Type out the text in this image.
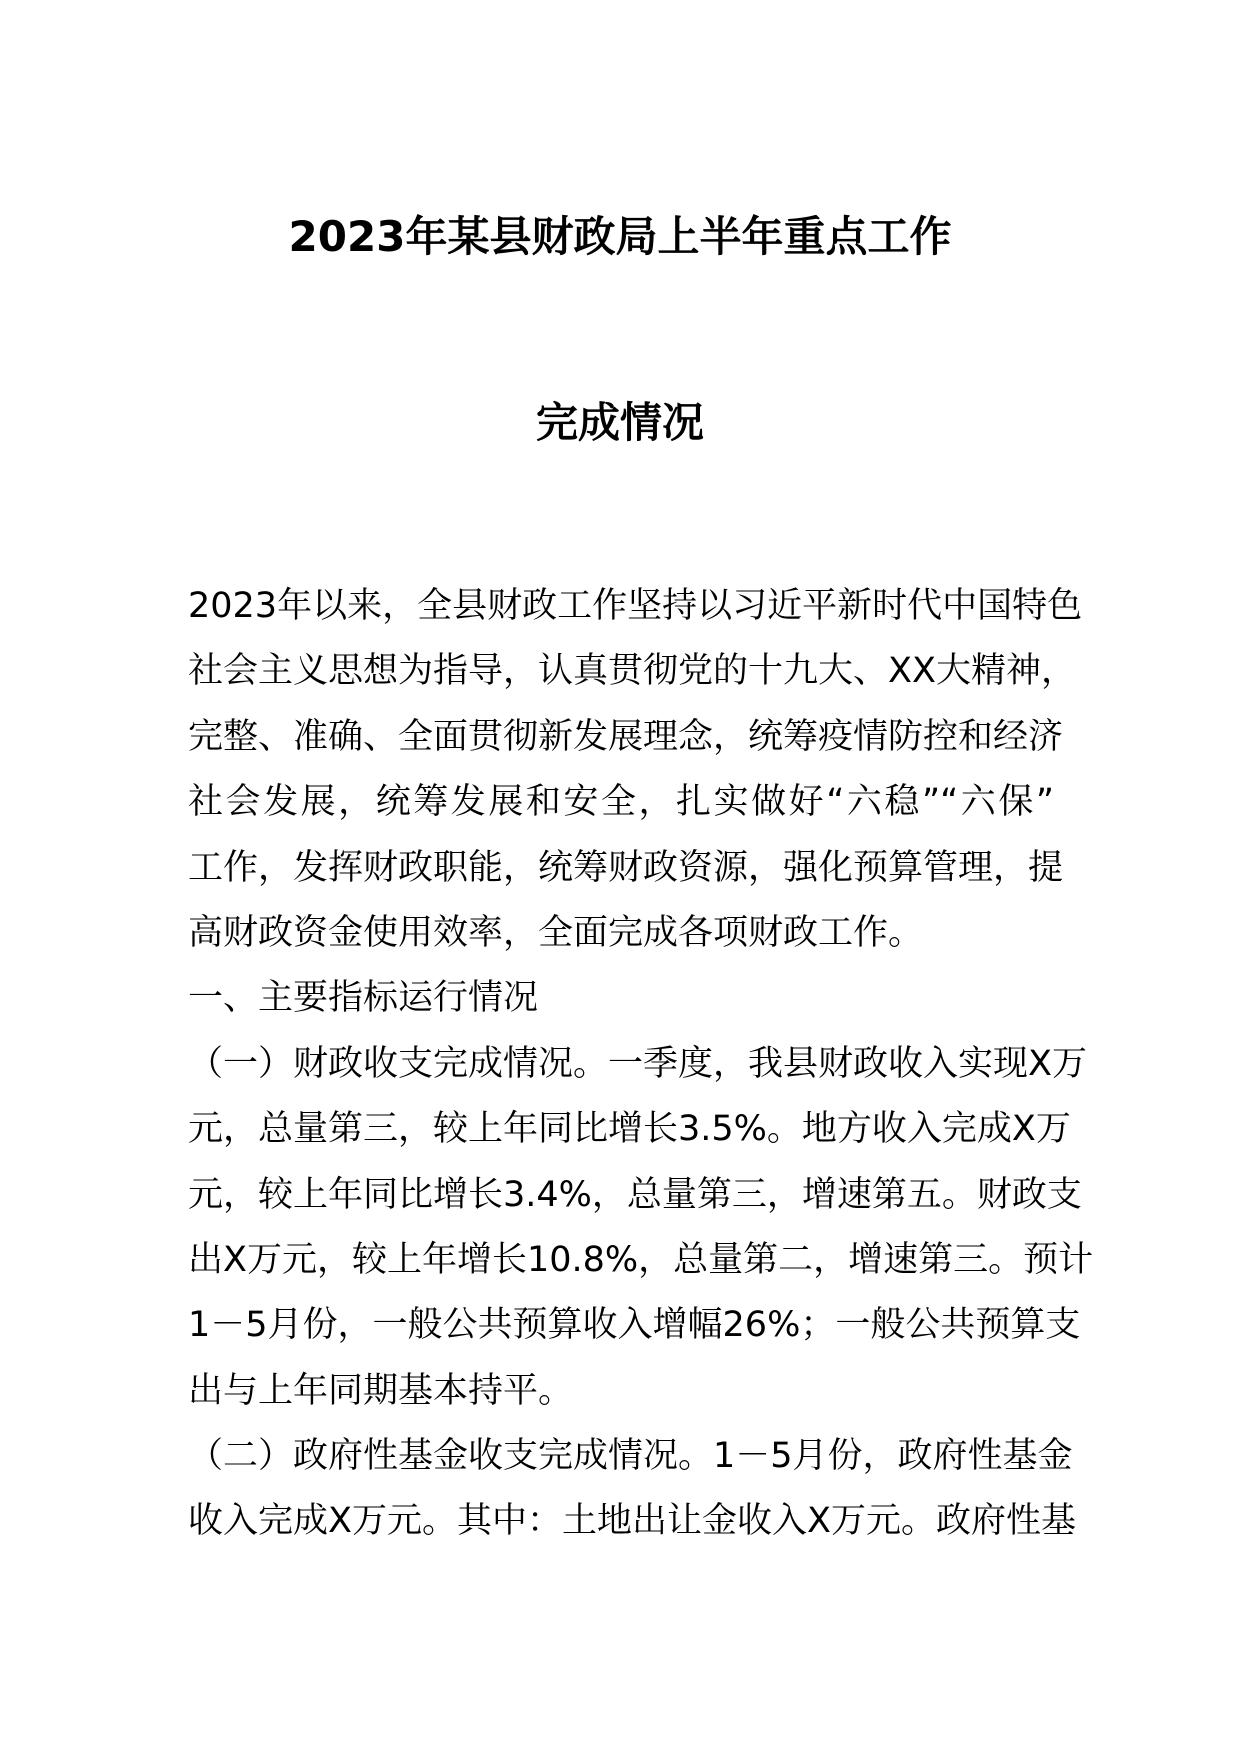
2023年某县财政局上半年重点工作
完成情况
2023年以来，全县财政工作坚持以习近平新时代中国特色
社会主义思想为指导，认真贯彻党的十九大、XX大精神，
完整、准确、全面贯彻新发展理念，统筹疫情防控和经济
社会发展，统筹发展和安全，扎实做好“六稳”“六保”
工作，发挥财政职能，统筹财政资源，强化预算管理，提
高财政资金使用效率，全面完成各项财政工作。
一、主要指标运行情况
（一）财政收支完成情况。一季度，我县财政收入实现X万
元，总量第三，较上年同比增长3.5%。地方收入完成X万
元，较上年同比增长3.4%，总量第三，增速第五。财政支
出X万元，较上年增长10.8%，总量第二，增速第三。预计
1－5月份，一般公共预算收入增幅26%；一般公共预算支
出与上年同期基本持平。
（二）政府性基金收支完成情况。1－5月份，政府性基金
收入完成X万元。其中：土地出让金收入X万元。政府性基
